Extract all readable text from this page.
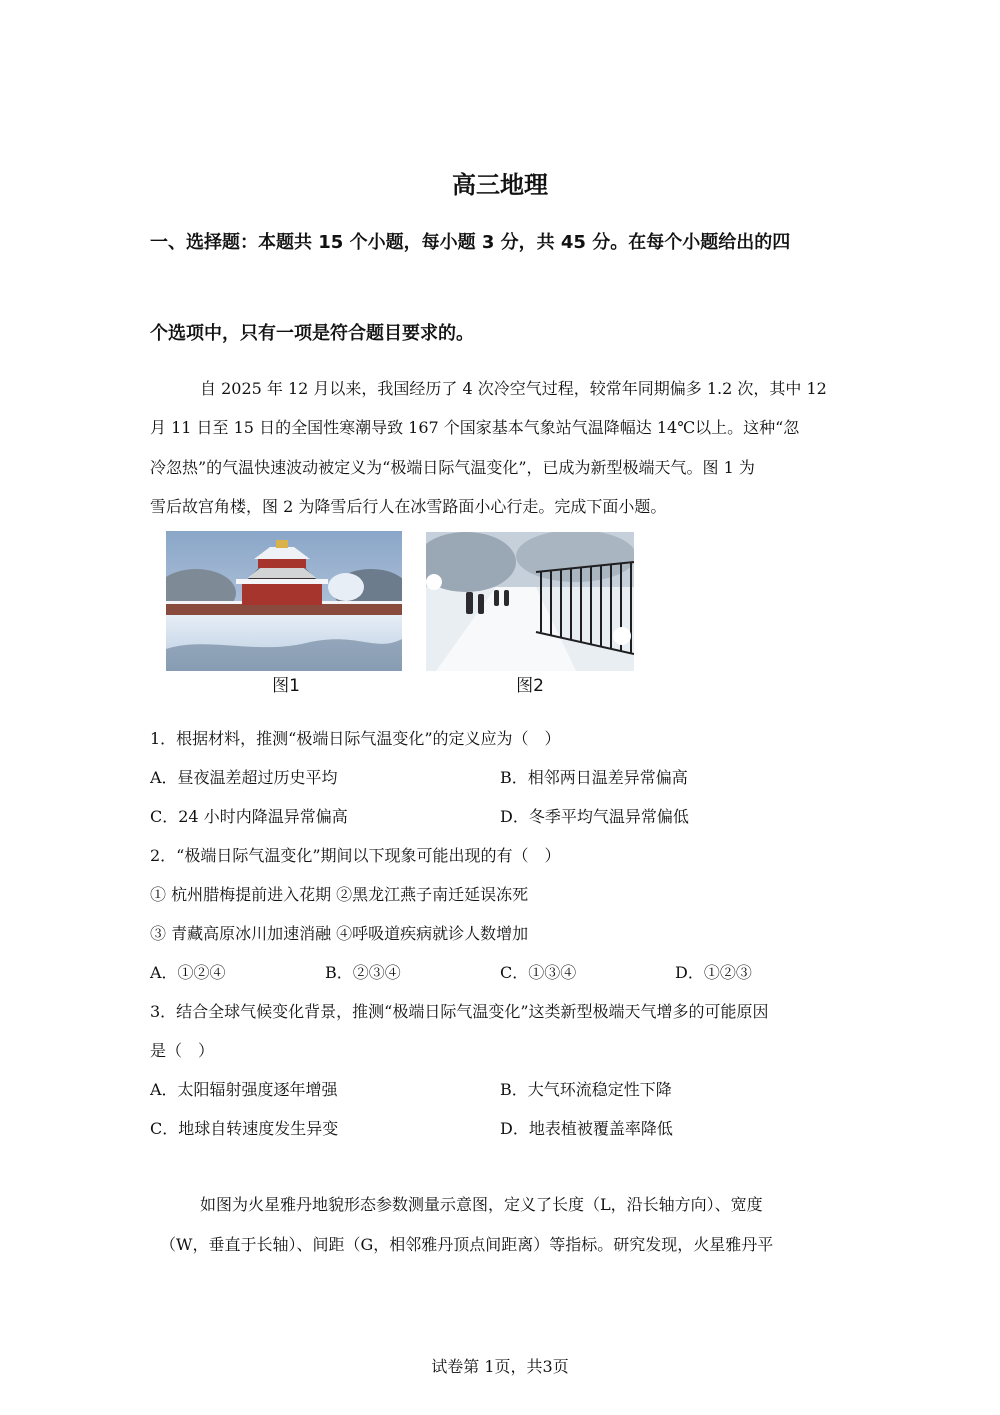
高三地理
一、选择题：本题共 15 个小题，每小题 3 分，共 45 分。在每个小题给出的四
个选项中，只有一项是符合题目要求的。
自 2025 年 12 月以来，我国经历了 4 次冷空气过程，较常年同期偏多 1.2 次，其中 12
月 11 日至 15 日的全国性寒潮导致 167 个国家基本气象站气温降幅达 14℃以上。这种“忽
冷忽热”的气温快速波动被定义为“极端日际气温变化”，已成为新型极端天气。图 1 为
雪后故宫角楼，图 2 为降雪后行人在冰雪路面小心行走。完成下面小题。
图1	图2
1．根据材料，推测“极端日际气温变化”的定义应为（　）
A．昼夜温差超过历史平均	B．相邻两日温差异常偏高
C．24 小时内降温异常偏高	D．冬季平均气温异常偏低
2．“极端日际气温变化”期间以下现象可能出现的有（　）
① 杭州腊梅提前进入花期 ②黑龙江燕子南迁延误冻死
③ 青藏高原冰川加速消融 ④呼吸道疾病就诊人数增加
A．①②④	B．②③④	C．①③④	D．①②③
3．结合全球气候变化背景，推测“极端日际气温变化”这类新型极端天气增多的可能原因
是（　）
A．太阳辐射强度逐年增强	B．大气环流稳定性下降
C．地球自转速度发生异变	D．地表植被覆盖率降低
如图为火星雅丹地貌形态参数测量示意图，定义了长度（L，沿长轴方向）、宽度
（W，垂直于长轴）、间距（G，相邻雅丹顶点间距离）等指标。研究发现，火星雅丹平
试卷第 1页，共3页
